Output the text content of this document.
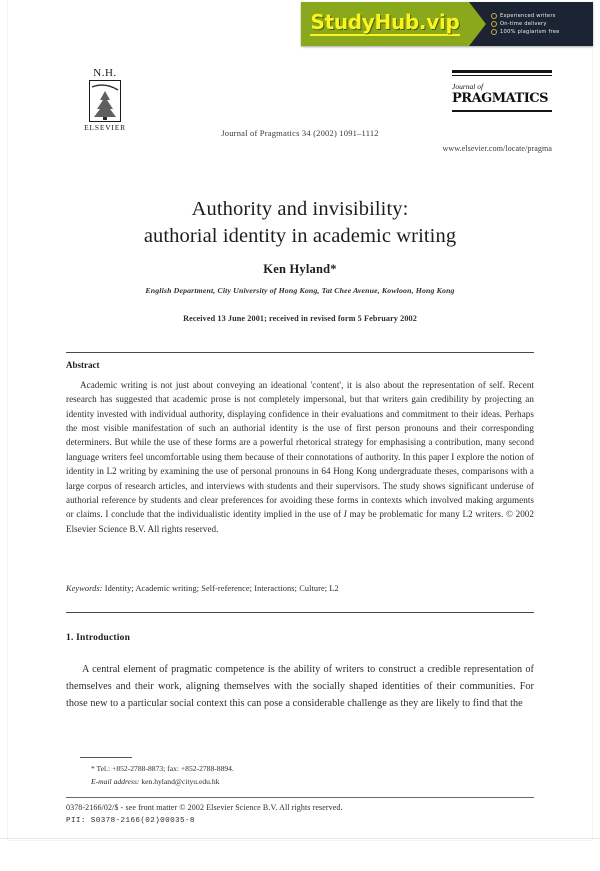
N.H.
ELSEVIER
Journal of
PRAGMATICS
Journal of Pragmatics 34 (2002) 1091–1112
www.elsevier.com/locate/pragma
Authority and invisibility:
authorial identity in academic writing
Ken Hyland*
English Department, City University of Hong Kong, Tat Chee Avenue, Kowloon, Hong Kong
Received 13 June 2001; received in revised form 5 February 2002
Abstract
Academic writing is not just about conveying an ideational 'content', it is also about the representation of self. Recent research has suggested that academic prose is not completely impersonal, but that writers gain credibility by projecting an identity invested with individual authority, displaying confidence in their evaluations and commitment to their ideas. Perhaps the most visible manifestation of such an authorial identity is the use of first person pronouns and their corresponding determiners. But while the use of these forms are a powerful rhetorical strategy for emphasising a contribution, many second language writers feel uncomfortable using them because of their connotations of authority. In this paper I explore the notion of identity in L2 writing by examining the use of personal pronouns in 64 Hong Kong undergraduate theses, comparisons with a large corpus of research articles, and interviews with students and their supervisors. The study shows significant underuse of authorial reference by students and clear preferences for avoiding these forms in contexts which involved making arguments or claims. I conclude that the individualistic identity implied in the use of I may be problematic for many L2 writers. © 2002 Elsevier Science B.V. All rights reserved.
Keywords: Identity; Academic writing; Self-reference; Interactions; Culture; L2
1. Introduction
A central element of pragmatic competence is the ability of writers to construct a credible representation of themselves and their work, aligning themselves with the socially shaped identities of their communities. For those new to a particular social context this can pose a considerable challenge as they are likely to find that the
* Tel.: +852-2788-8873; fax: +852-2788-8894.
E-mail address: ken.hyland@cityu.edu.hk
0378-2166/02/$ - see front matter © 2002 Elsevier Science B.V. All rights reserved.
PII: S0378-2166(02)00035-8
StudyHub.vip	Experienced writers
On-time delivery
100% plagiarism free
